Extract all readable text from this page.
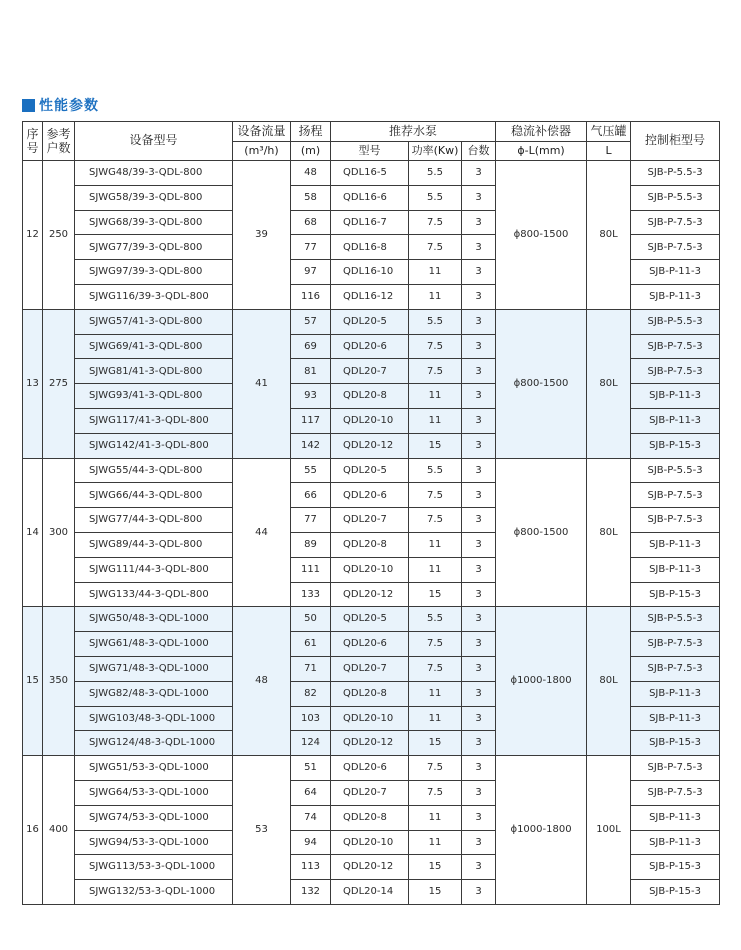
性能参数
序号	参考户数	设备型号	设备流量	扬程	推荐水泵			稳流补偿器	气压罐	控制柜型号
			(m³/h)	(m)	型号	功率(Kw)	台数	ϕ-L(mm)	L	
12	250	SJWG48/39-3-QDL-800	39	48	QDL16-5	5.5	3	ϕ800-1500	80L	SJB-P-5.5-3
		SJWG58/39-3-QDL-800		58	QDL16-6	5.5	3			SJB-P-5.5-3
		SJWG68/39-3-QDL-800		68	QDL16-7	7.5	3			SJB-P-7.5-3
		SJWG77/39-3-QDL-800		77	QDL16-8	7.5	3			SJB-P-7.5-3
		SJWG97/39-3-QDL-800		97	QDL16-10	11	3			SJB-P-11-3
		SJWG116/39-3-QDL-800		116	QDL16-12	11	3			SJB-P-11-3
13	275	SJWG57/41-3-QDL-800	41	57	QDL20-5	5.5	3	ϕ800-1500	80L	SJB-P-5.5-3
		SJWG69/41-3-QDL-800		69	QDL20-6	7.5	3			SJB-P-7.5-3
		SJWG81/41-3-QDL-800		81	QDL20-7	7.5	3			SJB-P-7.5-3
		SJWG93/41-3-QDL-800		93	QDL20-8	11	3			SJB-P-11-3
		SJWG117/41-3-QDL-800		117	QDL20-10	11	3			SJB-P-11-3
		SJWG142/41-3-QDL-800		142	QDL20-12	15	3			SJB-P-15-3
14	300	SJWG55/44-3-QDL-800	44	55	QDL20-5	5.5	3	ϕ800-1500	80L	SJB-P-5.5-3
		SJWG66/44-3-QDL-800		66	QDL20-6	7.5	3			SJB-P-7.5-3
		SJWG77/44-3-QDL-800		77	QDL20-7	7.5	3			SJB-P-7.5-3
		SJWG89/44-3-QDL-800		89	QDL20-8	11	3			SJB-P-11-3
		SJWG111/44-3-QDL-800		111	QDL20-10	11	3			SJB-P-11-3
		SJWG133/44-3-QDL-800		133	QDL20-12	15	3			SJB-P-15-3
15	350	SJWG50/48-3-QDL-1000	48	50	QDL20-5	5.5	3	ϕ1000-1800	80L	SJB-P-5.5-3
		SJWG61/48-3-QDL-1000		61	QDL20-6	7.5	3			SJB-P-7.5-3
		SJWG71/48-3-QDL-1000		71	QDL20-7	7.5	3			SJB-P-7.5-3
		SJWG82/48-3-QDL-1000		82	QDL20-8	11	3			SJB-P-11-3
		SJWG103/48-3-QDL-1000		103	QDL20-10	11	3			SJB-P-11-3
		SJWG124/48-3-QDL-1000		124	QDL20-12	15	3			SJB-P-15-3
16	400	SJWG51/53-3-QDL-1000	53	51	QDL20-6	7.5	3	ϕ1000-1800	100L	SJB-P-7.5-3
		SJWG64/53-3-QDL-1000		64	QDL20-7	7.5	3			SJB-P-7.5-3
		SJWG74/53-3-QDL-1000		74	QDL20-8	11	3			SJB-P-11-3
		SJWG94/53-3-QDL-1000		94	QDL20-10	11	3			SJB-P-11-3
		SJWG113/53-3-QDL-1000		113	QDL20-12	15	3			SJB-P-15-3
		SJWG132/53-3-QDL-1000		132	QDL20-14	15	3			SJB-P-15-3
